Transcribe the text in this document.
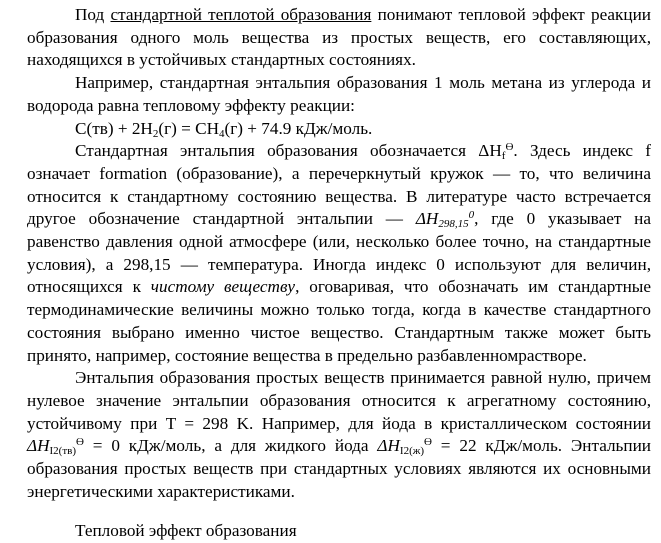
Под стандартной теплотой образования понимают тепловой эффект реакции образования одного моль вещества из простых веществ, его составляющих, находящихся в устойчивых стандартных состояниях.

Например, стандартная энтальпия образования 1 моль метана из углерода и водорода равна тепловому эффекту реакции:

$C(тв) + 2H_2(г) = CH_4(г) + 74.9$ кДж/моль.

Стандартная энтальпия образования обозначается $\Delta H_f^ϴ$. Здесь индекс f означает formation (образование), а перечеркнутый кружок — то, что величина относится к стандартному состоянию вещества. В литературе часто встречается другое обозначение стандартной энтальпии — $\Delta H_{298,15}^0$, где 0 указывает на равенство давления одной атмосфере (или, несколько более точно, на стандартные условия), а 298,15 — температура. Иногда индекс 0 используют для величин, относящихся к чистому веществу, оговаривая, что обозначать им стандартные термодинамические величины можно только тогда, когда в качестве стандартного состояния выбрано именно чистое вещество. Стандартным также может быть принято, например, состояние вещества в предельно разбавленномрастворе.

Энтальпия образования простых веществ принимается равной нулю, причем нулевое значение энтальпии образования относится к агрегатному состоянию, устойчивому при T = 298 K. Например, для йода в кристаллическом состоянии $\Delta H_{I2(тв)}^ϴ = 0$ кДж/моль, а для жидкого йода $\Delta H_{I2(ж)}^ϴ = 22$ кДж/моль. Энтальпии образования простых веществ при стандартных условиях являются их основными энергетическими характеристиками.

Тепловой эффект образования
